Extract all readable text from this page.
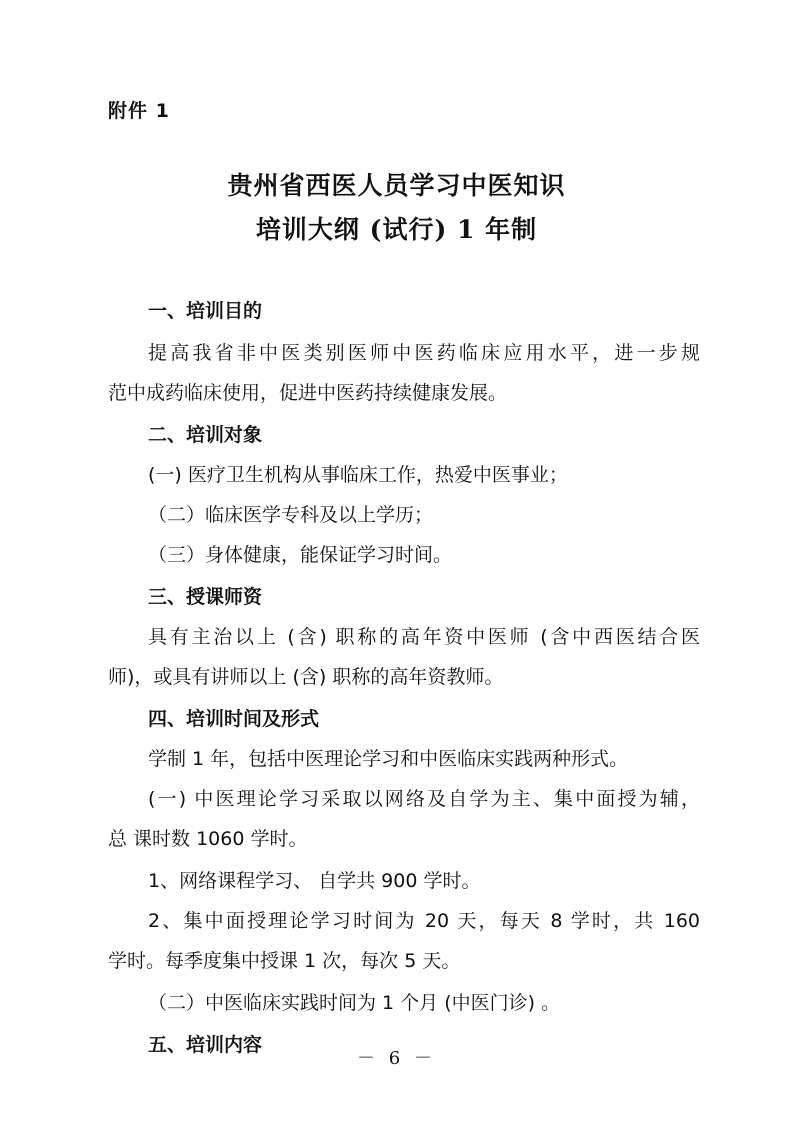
附件 1
贵州省西医人员学习中医知识
培训大纲 (试行) 1 年制
一、培训目的
提高我省非中医类别医师中医药临床应用水平，进一步规
范中成药临床使用，促进中医药持续健康发展。
二、培训对象
(一) 医疗卫生机构从事临床工作，热爱中医事业；
（二）临床医学专科及以上学历；
（三）身体健康，能保证学习时间。
三、授课师资
具有主治以上 (含) 职称的高年资中医师 (含中西医结合医
师)，或具有讲师以上 (含) 职称的高年资教师。
四、培训时间及形式
学制 1 年，包括中医理论学习和中医临床实践两种形式。
(一) 中医理论学习采取以网络及自学为主、集中面授为辅，
总 课时数 1060 学时。
1、网络课程学习、 自学共 900 学时。
2、集中面授理论学习时间为 20 天，每天 8 学时，共 160
学时。每季度集中授课 1 次，每次 5 天。
（二）中医临床实践时间为 1 个月 (中医门诊) 。
五、培训内容
－ 6 －
